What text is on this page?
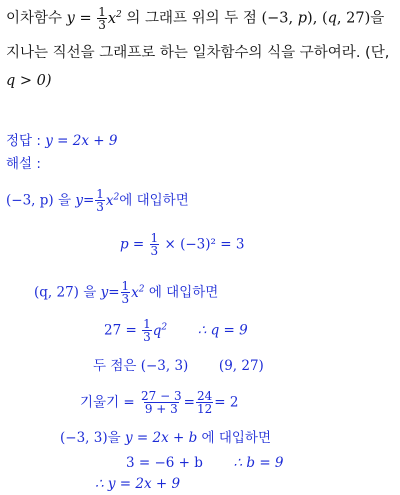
이차함수 $y = \frac{1}{3} x^2$ 의 그래프 위의 두 점 (−3, p), (q, 27)을
지나는 직선을 그래프로 하는 일차함수의 식을 구하여라. (단,
q > 0)
정답 : y = 2x + 9
해설 :
(−3, p) 을 $y= \frac{1}{3} x^2$에 대입하면
$p = \frac{1}{3} \times (-3)^2 = 3$
(q, 27) 을 $y= \frac{1}{3} x^2$ 에 대입하면
$27 = \frac{1}{3} q^2$ ∴ q = 9
두 점은 (−3, 3) (9, 27)
기울기 = $\frac{27 - 3}{9 + 3} = \frac{24}{12} = 2$
(−3, 3)을 y = 2x + b 에 대입하면
3 = −6 + b ∴ b = 9
∴ y = 2x + 9
